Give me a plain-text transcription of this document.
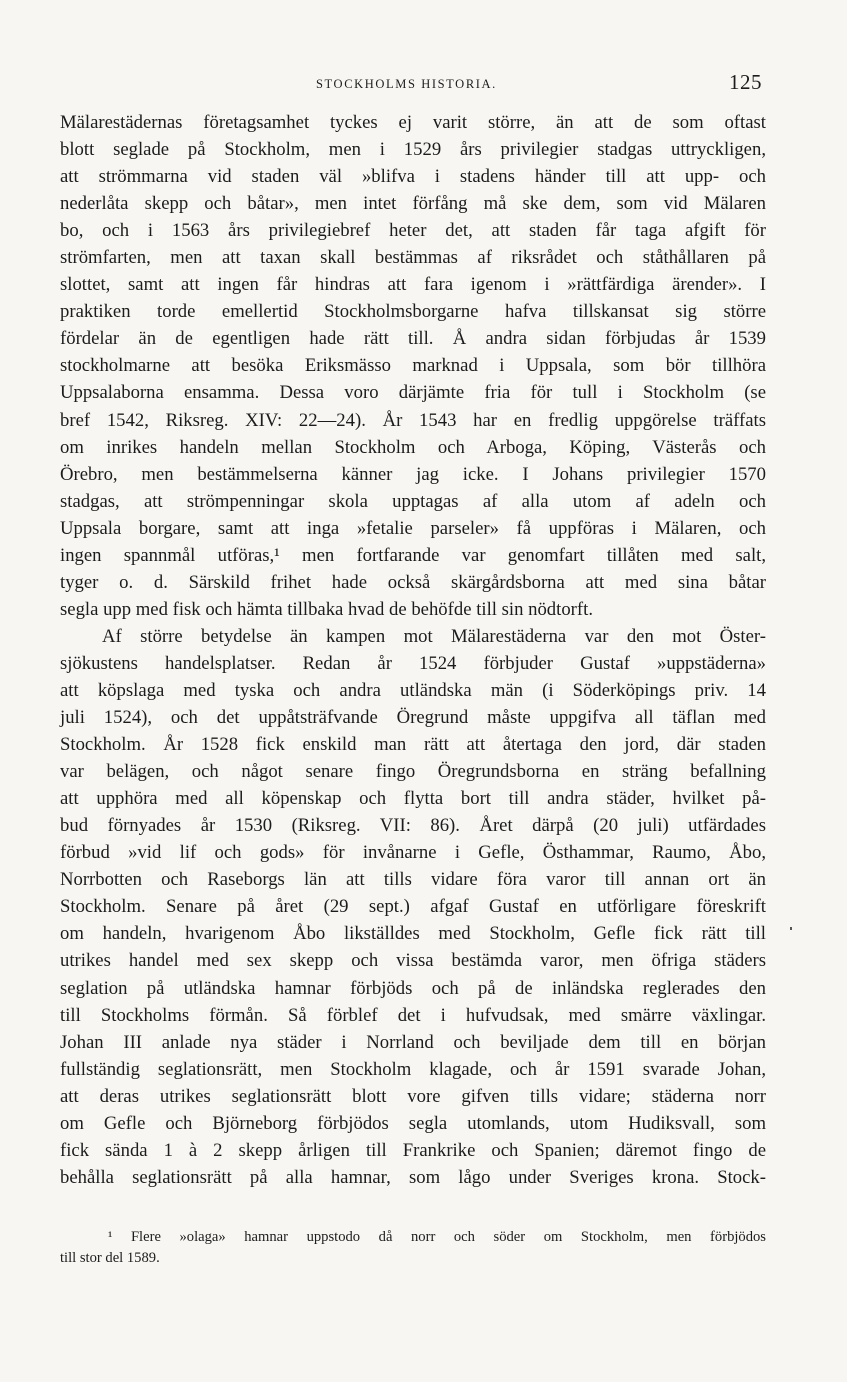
STOCKHOLMS HISTORIA.	125
Mälarestädernas företagsamhet tyckes ej varit större, än att de som oftast
blott seglade på Stockholm, men i 1529 års privilegier stadgas uttryckligen,
att strömmarna vid staden väl »blifva i stadens händer till att upp- och
nederlåta skepp och båtar», men intet förfång må ske dem, som vid Mälaren
bo, och i 1563 års privilegiebref heter det, att staden får taga afgift för
strömfarten, men att taxan skall bestämmas af riksrådet och ståthållaren på
slottet, samt att ingen får hindras att fara igenom i »rättfärdiga ärender». I
praktiken torde emellertid Stockholmsborgarne hafva tillskansat sig större
fördelar än de egentligen hade rätt till. Å andra sidan förbjudas år 1539
stockholmarne att besöka Eriksmässo marknad i Uppsala, som bör tillhöra
Uppsalaborna ensamma. Dessa voro därjämte fria för tull i Stockholm (se
bref 1542, Riksreg. XIV: 22—24). År 1543 har en fredlig uppgörelse träffats
om inrikes handeln mellan Stockholm och Arboga, Köping, Västerås och
Örebro, men bestämmelserna känner jag icke. I Johans privilegier 1570
stadgas, att strömpenningar skola upptagas af alla utom af adeln och
Uppsala borgare, samt att inga »fetalie parseler» få uppföras i Mälaren, och
ingen spannmål utföras,¹ men fortfarande var genomfart tillåten med salt,
tyger o. d. Särskild frihet hade också skärgårdsborna att med sina båtar
segla upp med fisk och hämta tillbaka hvad de behöfde till sin nödtorft.
Af större betydelse än kampen mot Mälarestäderna var den mot Öster-
sjökustens handelsplatser. Redan år 1524 förbjuder Gustaf »uppstäderna»
att köpslaga med tyska och andra utländska män (i Söderköpings priv. 14
juli 1524), och det uppåtsträfvande Öregrund måste uppgifva all täflan med
Stockholm. År 1528 fick enskild man rätt att återtaga den jord, där staden
var belägen, och något senare fingo Öregrundsborna en sträng befallning
att upphöra med all köpenskap och flytta bort till andra städer, hvilket på-
bud förnyades år 1530 (Riksreg. VII: 86). Året därpå (20 juli) utfärdades
förbud »vid lif och gods» för invånarne i Gefle, Östhammar, Raumo, Åbo,
Norrbotten och Raseborgs län att tills vidare föra varor till annan ort än
Stockholm. Senare på året (29 sept.) afgaf Gustaf en utförligare föreskrift
om handeln, hvarigenom Åbo likställdes med Stockholm, Gefle fick rätt till
utrikes handel med sex skepp och vissa bestämda varor, men öfriga städers
seglation på utländska hamnar förbjöds och på de inländska reglerades den
till Stockholms förmån. Så förblef det i hufvudsak, med smärre växlingar.
Johan III anlade nya städer i Norrland och beviljade dem till en början
fullständig seglationsrätt, men Stockholm klagade, och år 1591 svarade Johan,
att deras utrikes seglationsrätt blott vore gifven tills vidare; städerna norr
om Gefle och Björneborg förbjödos segla utomlands, utom Hudiksvall, som
fick sända 1 à 2 skepp årligen till Frankrike och Spanien; däremot fingo de
behålla seglationsrätt på alla hamnar, som lågo under Sveriges krona. Stock-
¹ Flere »olaga» hamnar uppstodo då norr och söder om Stockholm, men förbjödos
till stor del 1589.
